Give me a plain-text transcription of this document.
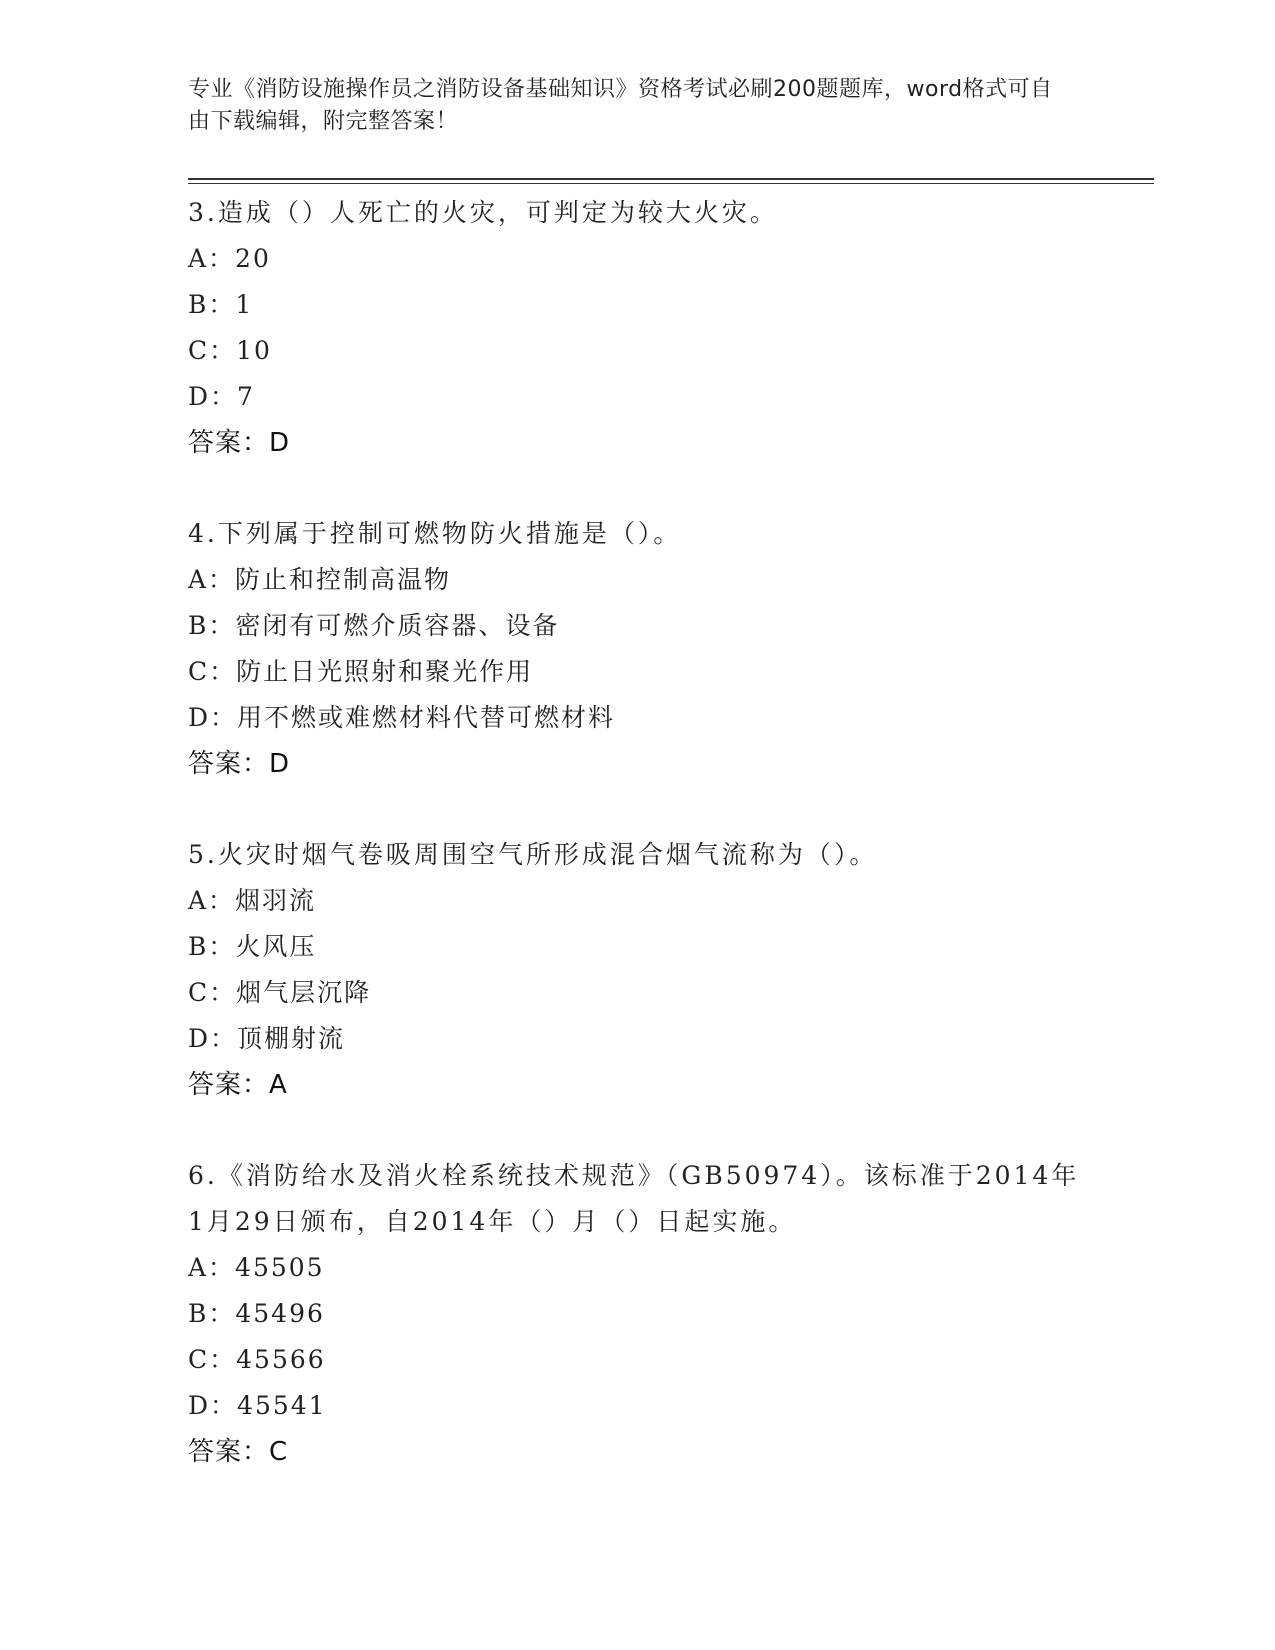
专业《消防设施操作员之消防设备基础知识》资格考试必刷200题题库，word格式可自由下载编辑，附完整答案！

3.造成（）人死亡的火灾，可判定为较大火灾。

A：20

B：1

C：10

D：7

答案：D

4.下列属于控制可燃物防火措施是（）。

A：防止和控制高温物

B：密闭有可燃介质容器、设备

C：防止日光照射和聚光作用

D：用不燃或难燃材料代替可燃材料

答案：D

5.火灾时烟气卷吸周围空气所形成混合烟气流称为（）。

A：烟羽流

B：火风压

C：烟气层沉降

D：顶棚射流

答案：A

6.《消防给水及消火栓系统技术规范》（GB50974）。该标准于2014年1月29日颁布，自2014年（）月（）日起实施。

A：45505

B：45496

C：45566

D：45541

答案：C
